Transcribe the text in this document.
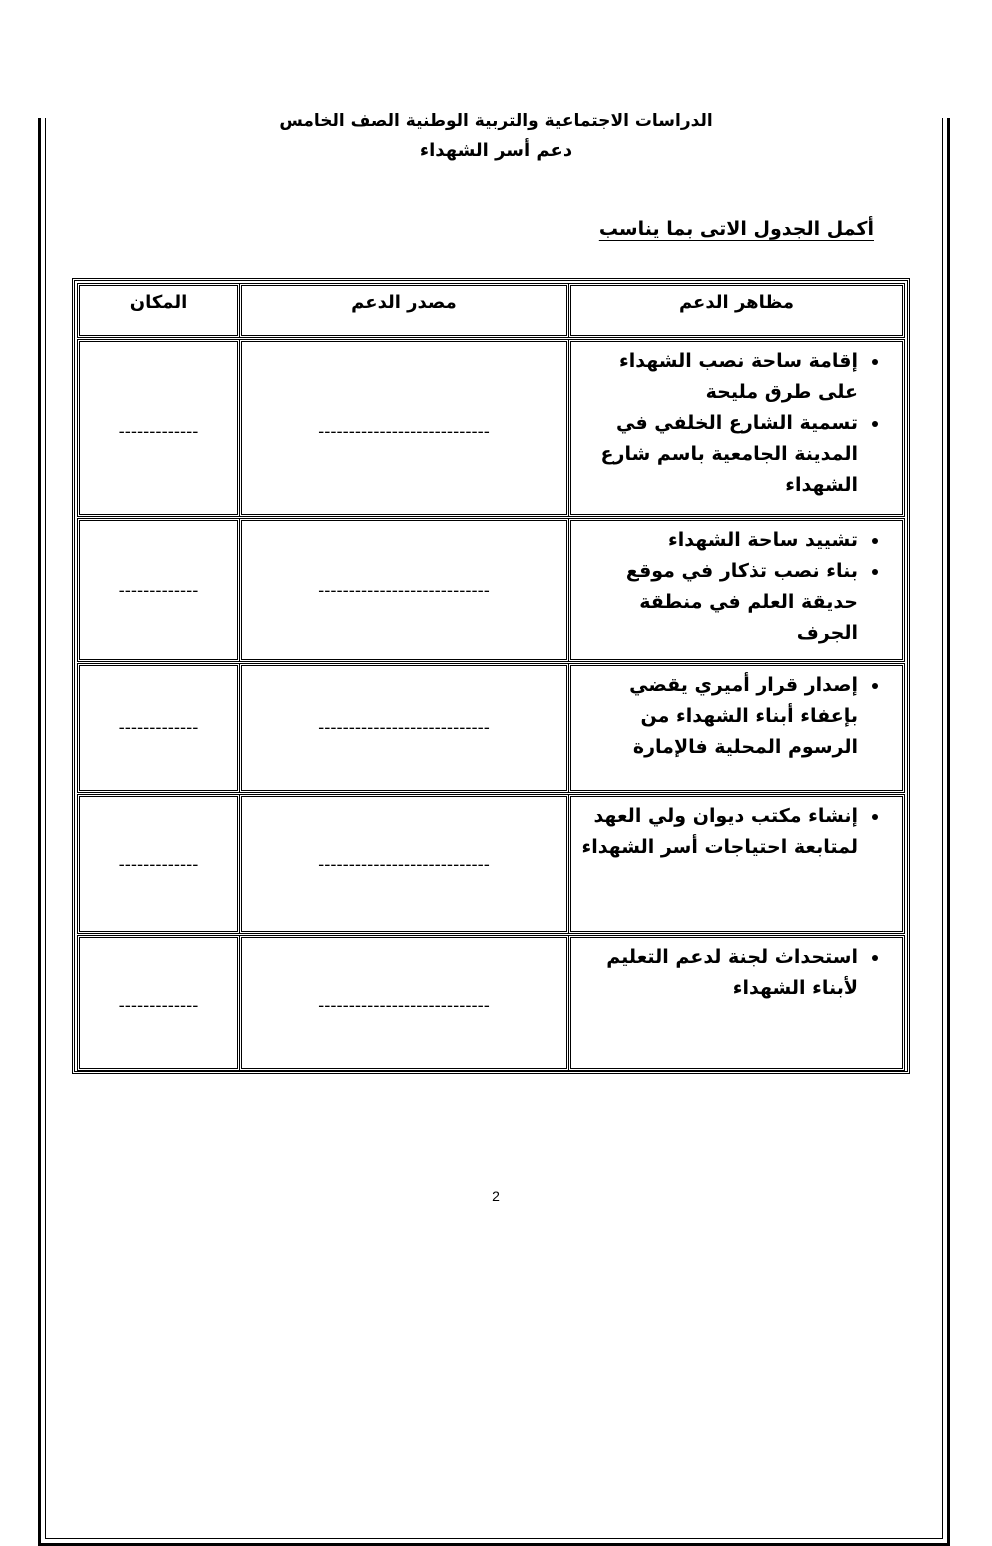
الدراسات الاجتماعية والتربية الوطنية الصف الخامس
دعم أسر الشهداء
أكمل الجدول الاتى بما يناسب
مظاهر الدعم
مصدر الدعم
المكان
• إقامة ساحة نصب الشهداء على طرق مليحة
• تسمية الشارع الخلفي في المدينة الجامعية باسم شارع الشهداء
----------------------------
-------------
• تشييد ساحة الشهداء
• بناء نصب تذكار في موقع حديقة العلم في منطقة الجرف
----------------------------
-------------
• إصدار قرار أميري يقضي بإعفاء أبناء الشهداء من الرسوم المحلية فالإمارة
----------------------------
-------------
• إنشاء مكتب ديوان ولي العهد لمتابعة احتياجات أسر الشهداء
----------------------------
-------------
• استحداث لجنة لدعم التعليم لأبناء الشهداء
----------------------------
-------------
2
